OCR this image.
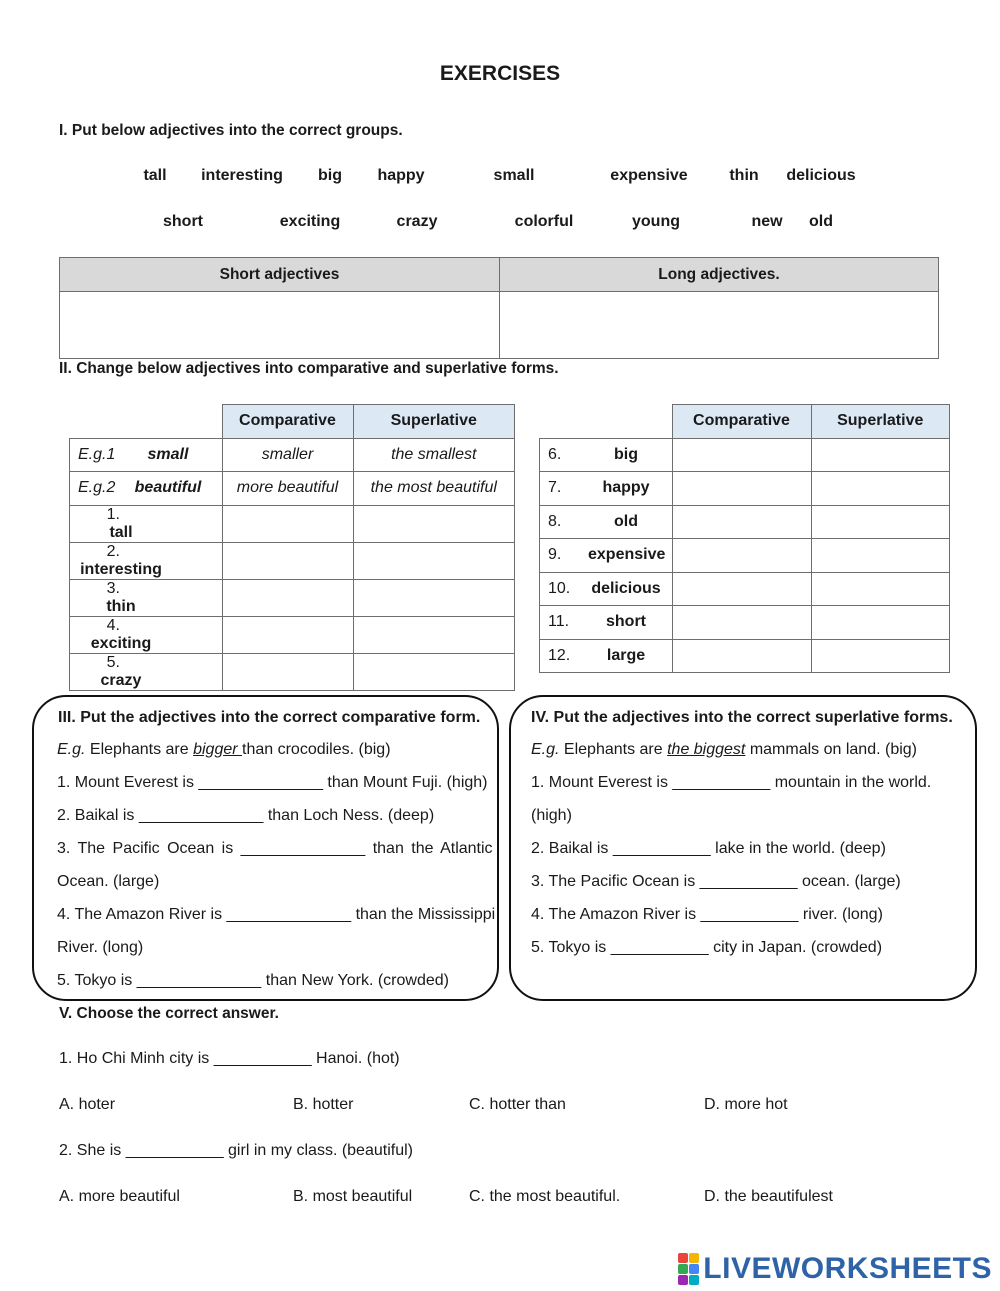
EXERCISES
I. Put below adjectives into the correct groups.
tall interesting big happy	small	expensive	thin delicious
short	exciting	crazy	colorful	young	new old
Short adjectives	Long adjectives.

II. Change below adjectives into comparative and superlative forms.
	Comparative	Superlative
E.g.1 small	smaller	the smallest
E.g.2 beautiful	more beautiful	the most beautiful
1.tall		
2.interesting		
3.thin		
4.exciting		
5.crazy		
	Comparative	Superlative
6. big		
7. happy		
8. old		
9. expensive		
10. delicious		
11. short		
12. large		
III. Put the adjectives into the correct comparative form.
E.g. Elephants are bigger than crocodiles. (big)
1. Mount Everest is ______________ than Mount Fuji. (high)
2. Baikal is ______________ than Loch Ness. (deep)
3. The Pacific Ocean is ______________ than the Atlantic
Ocean. (large)
4. The Amazon River is ______________ than the Mississippi
River. (long)
5. Tokyo is ______________ than New York. (crowded)
IV. Put the adjectives into the correct superlative forms.
E.g. Elephants are the biggest mammals on land. (big)
1. Mount Everest is ___________ mountain in the world.
(high)
2. Baikal is ___________ lake in the world. (deep)
3. The Pacific Ocean is ___________ ocean. (large)
4. The Amazon River is ___________ river. (long)
5. Tokyo is ___________ city in Japan. (crowded)
V. Choose the correct answer.
1. Ho Chi Minh city is ___________ Hanoi. (hot)
A. hoter	B. hotter	C. hotter than	D. more hot
2. She is ___________ girl in my class. (beautiful)
A. more beautiful	B. most beautiful	C. the most beautiful.	D. the beautifulest
LIVEWORKSHEETS
